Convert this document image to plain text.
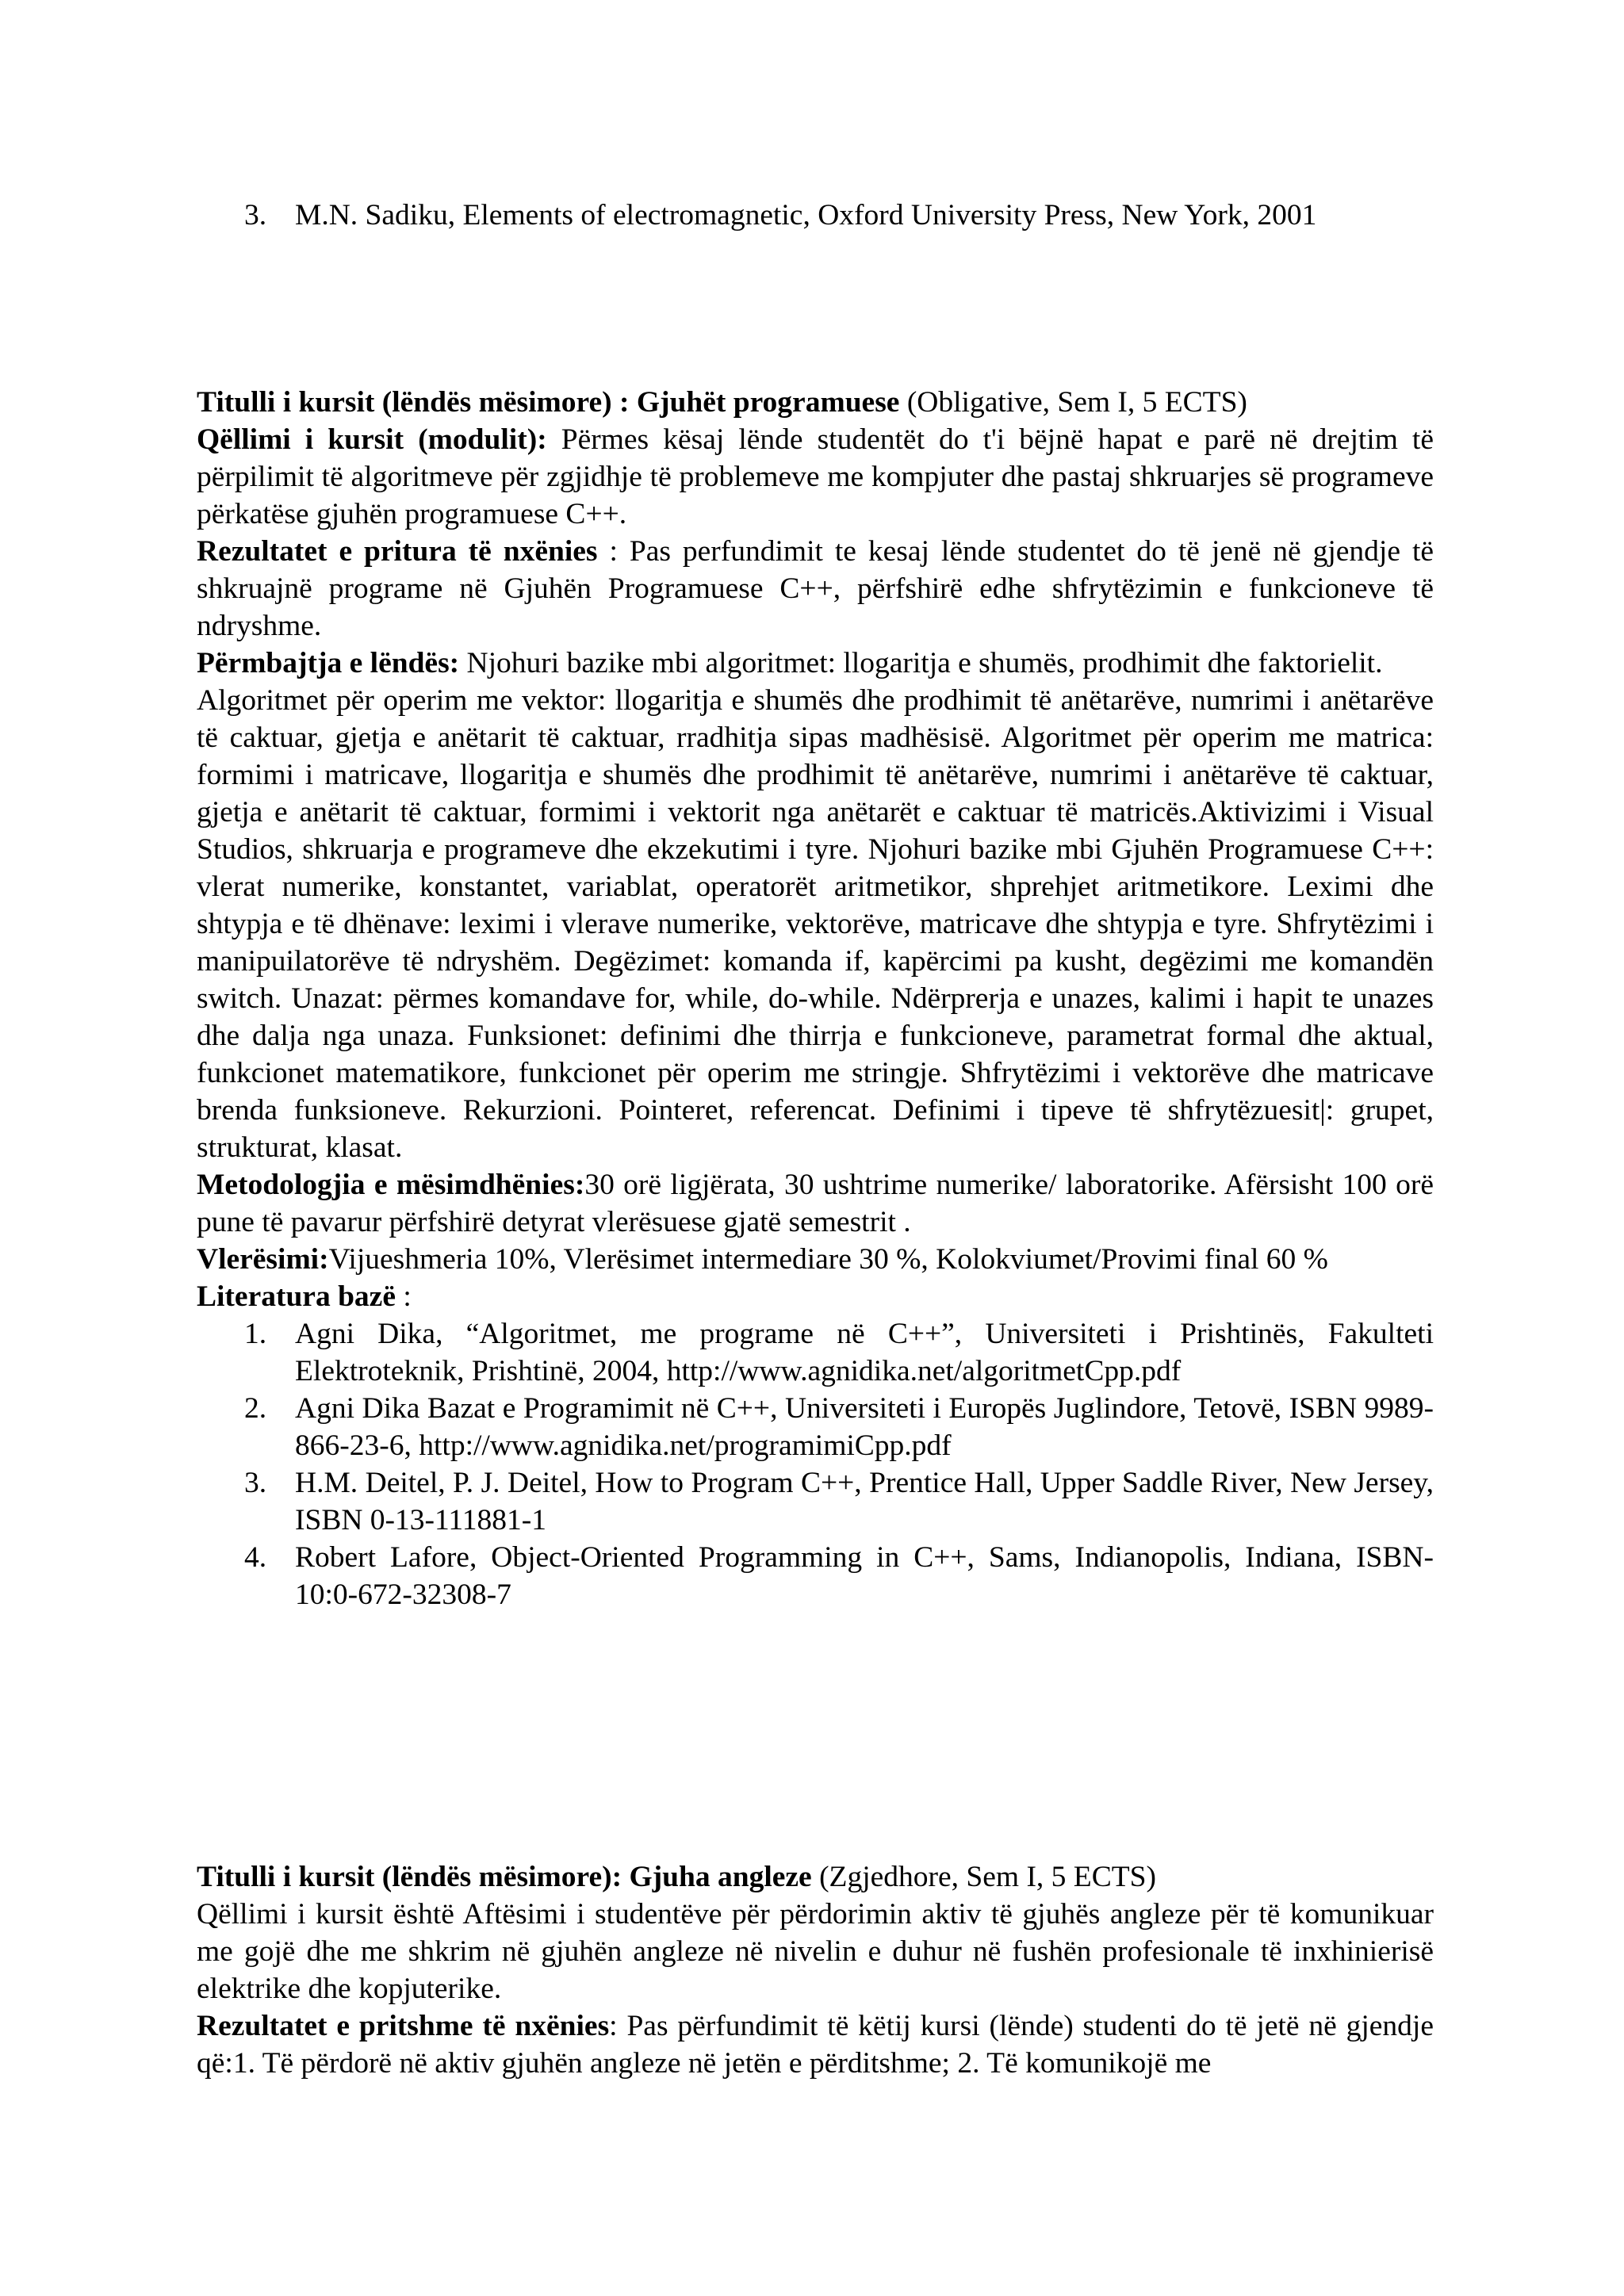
3. M.N. Sadiku, Elements of electromagnetic, Oxford University Press, New York, 2001

Titulli i kursit (lëndës mësimore) : Gjuhët programuese (Obligative, Sem I, 5 ECTS)

Qëllimi i kursit (modulit): Përmes kësaj lënde studentët do t'i bëjnë hapat e parë në drejtim të përpilimit të algoritmeve për zgjidhje të problemeve me kompjuter dhe pastaj shkruarjes së programeve përkatëse gjuhën programuese C++.

Rezultatet e pritura të nxënies : Pas perfundimit te kesaj lënde studentet do të jenë në gjendje të shkruajnë programe në Gjuhën Programuese C++, përfshirë edhe shfrytëzimin e funkcioneve të ndryshme.

Përmbajtja e lëndës: Njohuri bazike mbi algoritmet: llogaritja e shumës, prodhimit dhe faktorielit.

Algoritmet për operim me vektor: llogaritja e shumës dhe prodhimit të anëtarëve, numrimi i anëtarëve të caktuar, gjetja e anëtarit të caktuar, rradhitja sipas madhësisë. Algoritmet për operim me matrica: formimi i matricave, llogaritja e shumës dhe prodhimit të anëtarëve, numrimi i anëtarëve të caktuar, gjetja e anëtarit të caktuar, formimi i vektorit nga anëtarët e caktuar të matricës.Aktivizimi i Visual Studios, shkruarja e programeve dhe ekzekutimi i tyre. Njohuri bazike mbi Gjuhën Programuese C++: vlerat numerike, konstantet, variablat, operatorët aritmetikor, shprehjet aritmetikore. Leximi dhe shtypja e të dhënave: leximi i vlerave numerike, vektorëve, matricave dhe shtypja e tyre. Shfrytëzimi i manipuilatorëve të ndryshëm. Degëzimet: komanda if, kapërcimi pa kusht, degëzimi me komandën switch. Unazat: përmes komandave for, while, do-while. Ndërprerja e unazes, kalimi i hapit te unazes dhe dalja nga unaza. Funksionet: definimi dhe thirrja e funkcioneve, parametrat formal dhe aktual, funkcionet matematikore, funkcionet për operim me stringje. Shfrytëzimi i vektorëve dhe matricave brenda funksioneve. Rekurzioni. Pointeret, referencat. Definimi i tipeve të shfrytëzuesit|: grupet, strukturat, klasat.

Metodologjia e mësimdhënies:30 orë ligjërata, 30 ushtrime numerike/ laboratorike. Afërsisht 100 orë pune të pavarur përfshirë detyrat vlerësuese gjatë semestrit .

Vlerësimi:Vijueshmeria 10%, Vlerësimet intermediare 30 %, Kolokviumet/Provimi final 60 %

Literatura bazë :

1. Agni Dika, “Algoritmet, me programe në C++”, Universiteti i Prishtinës, Fakulteti Elektroteknik, Prishtinë, 2004, http://www.agnidika.net/algoritmetCpp.pdf
2. Agni Dika Bazat e Programimit në C++, Universiteti i Europës Juglindore, Tetovë, ISBN 9989-866-23-6, http://www.agnidika.net/programimiCpp.pdf
3. H.M. Deitel, P. J. Deitel, How to Program C++, Prentice Hall, Upper Saddle River, New Jersey, ISBN 0-13-111881-1
4. Robert Lafore, Object-Oriented Programming in C++, Sams, Indianopolis, Indiana, ISBN-10:0-672-32308-7

Titulli i kursit (lëndës mësimore): Gjuha angleze (Zgjedhore, Sem I, 5 ECTS)

Qëllimi i kursit është Aftësimi i studentëve për përdorimin aktiv të gjuhës angleze për të komunikuar me gojë dhe me shkrim në gjuhën angleze në nivelin e duhur në fushën profesionale të inxhinierisë elektrike dhe kopjuterike.

Rezultatet e pritshme të nxënies: Pas përfundimit të këtij kursi (lënde) studenti do të jetë në gjendje që:1. Të përdorë në aktiv gjuhën angleze në jetën e përditshme; 2. Të komunikojë me
